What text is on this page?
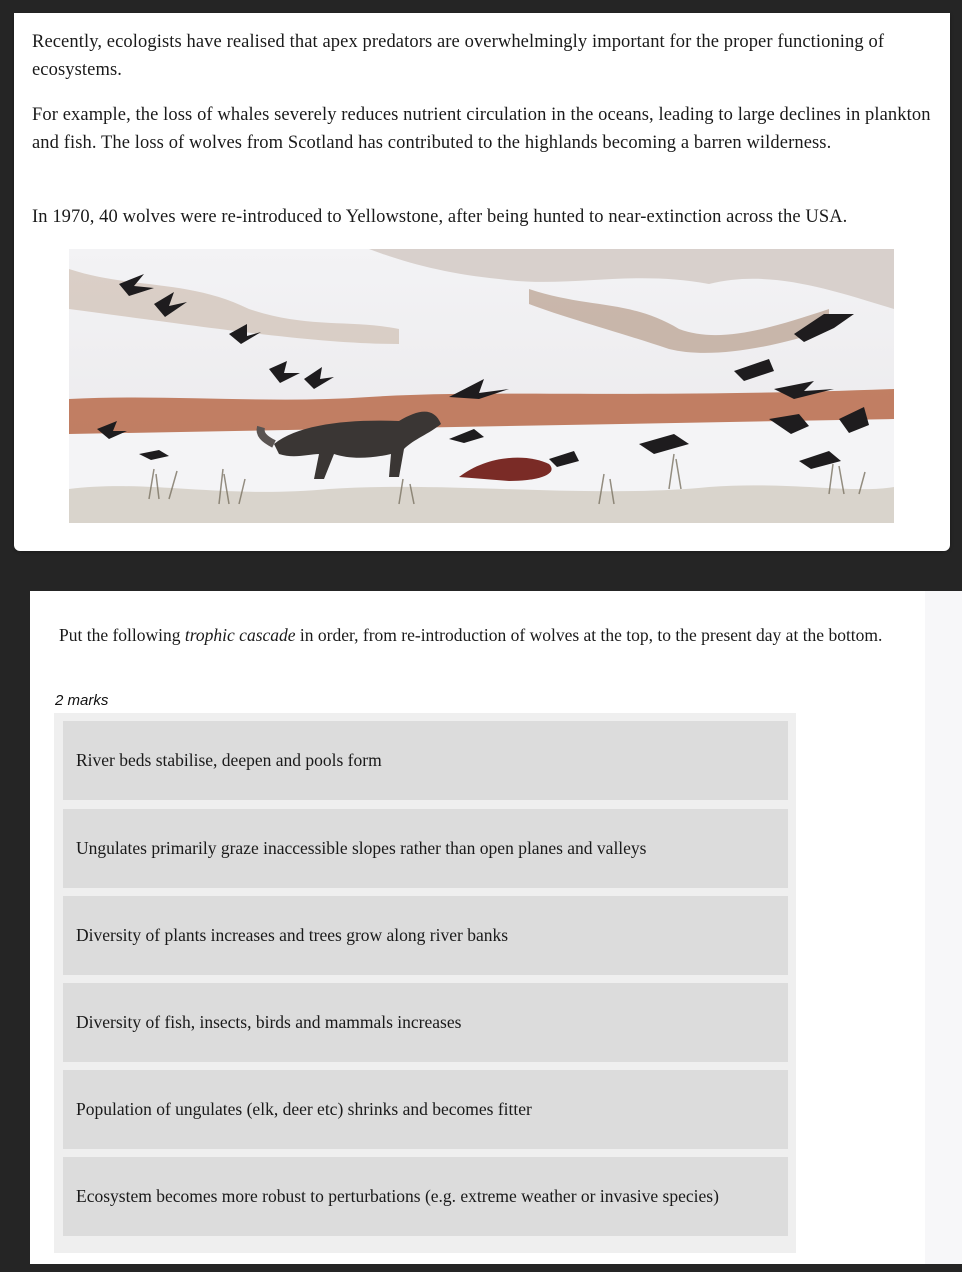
Recently, ecologists have realised that apex predators are overwhelmingly important for the proper functioning of ecosystems.

For example, the loss of whales severely reduces nutrient circulation in the oceans, leading to large declines in plankton and fish. The loss of wolves from Scotland has contributed to the highlands becoming a barren wilderness.

In 1970, 40 wolves were re-introduced to Yellowstone, after being hunted to near-extinction across the USA.

Put the following trophic cascade in order, from re-introduction of wolves at the top, to the present day at the bottom.

2 marks
River beds stabilise, deepen and pools form
Ungulates primarily graze inaccessible slopes rather than open planes and valleys
Diversity of plants increases and trees grow along river banks
Diversity of fish, insects, birds and mammals increases
Population of ungulates (elk, deer etc) shrinks and becomes fitter
Ecosystem becomes more robust to perturbations (e.g. extreme weather or invasive species)
